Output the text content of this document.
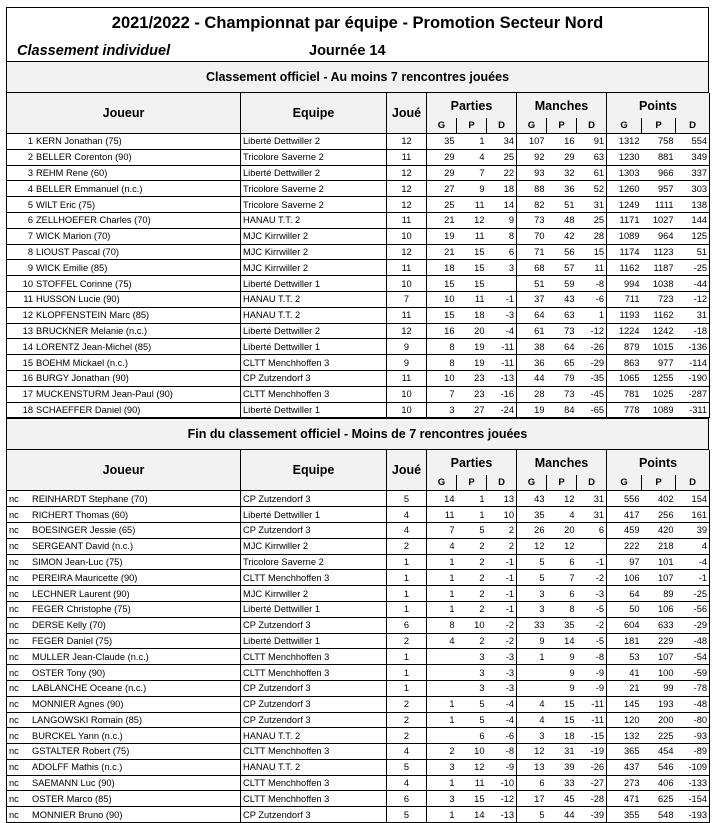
2021/2022 - Championnat par équipe - Promotion Secteur Nord
Classement individuel	Journée 14
Classement officiel - Au moins 7 rencontres jouées
Joueur	Equipe	Joué	Parties			Manches			Points		
			G	P	D	G	P	D	G	P	D
1 KERN Jonathan (75)	Liberté Dettwiller 2	12	35	1	34	107	16	91	1312	758	554
2 BELLER Corenton (90)	Tricolore Saverne 2	11	29	4	25	92	29	63	1230	881	349
3 REHM Rene (60)	Liberté Dettwiller 2	12	29	7	22	93	32	61	1303	966	337
4 BELLER Emmanuel (n.c.)	Tricolore Saverne 2	12	27	9	18	88	36	52	1260	957	303
5 WILT Eric (75)	Tricolore Saverne 2	12	25	11	14	82	51	31	1249	1111	138
6 ZELLHOEFER Charles (70)	HANAU T.T. 2	11	21	12	9	73	48	25	1171	1027	144
7 WICK Marion (70)	MJC Kirrwiller 2	10	19	11	8	70	42	28	1089	964	125
8 LIOUST Pascal (70)	MJC Kirrwiller 2	12	21	15	6	71	56	15	1174	1123	51
9 WICK Emilie (85)	MJC Kirrwiller 2	11	18	15	3	68	57	11	1162	1187	-25
10 STOFFEL Corinne (75)	Liberté Dettwiller 1	10	15	15		51	59	-8	994	1038	-44
11 HUSSON Lucie (90)	HANAU T.T. 2	7	10	11	-1	37	43	-6	711	723	-12
12 KLOPFENSTEIN Marc (85)	HANAU T.T. 2	11	15	18	-3	64	63	1	1193	1162	31
13 BRUCKNER Melanie (n.c.)	Liberté Dettwiller 2	12	16	20	-4	61	73	-12	1224	1242	-18
14 LORENTZ Jean-Michel (85)	Liberté Dettwiller 1	9	8	19	-11	38	64	-26	879	1015	-136
15 BOEHM Mickael (n.c.)	CLTT Menchhoffen 3	9	8	19	-11	36	65	-29	863	977	-114
16 BURGY Jonathan (90)	CP Zutzendorf 3	11	10	23	-13	44	79	-35	1065	1255	-190
17 MUCKENSTURM Jean-Paul (90)	CLTT Menchhoffen 3	10	7	23	-16	28	73	-45	781	1025	-287
18 SCHAEFFER Daniel (90)	Liberté Dettwiller 1	10	3	27	-24	19	84	-65	778	1089	-311
Fin du classement officiel - Moins de 7 rencontres jouées
Joueur	Equipe	Joué	Parties			Manches			Points		
			G	P	D	G	P	D	G	P	D
nc REINHARDT Stephane (70)	CP Zutzendorf 3	5	14	1	13	43	12	31	556	402	154
nc RICHERT Thomas (60)	Liberté Dettwiller 1	4	11	1	10	35	4	31	417	256	161
nc BOESINGER Jessie (65)	CP Zutzendorf 3	4	7	5	2	26	20	6	459	420	39
nc SERGEANT David (n.c.)	MJC Kirrwiller 2	2	4	2	2	12	12		222	218	4
nc SIMON Jean-Luc (75)	Tricolore Saverne 2	1	1	2	-1	5	6	-1	97	101	-4
nc PEREIRA Mauricette (90)	CLTT Menchhoffen 3	1	1	2	-1	5	7	-2	106	107	-1
nc LECHNER Laurent (90)	MJC Kirrwiller 2	1	1	2	-1	3	6	-3	64	89	-25
nc FEGER Christophe (75)	Liberté Dettwiller 1	1	1	2	-1	3	8	-5	50	106	-56
nc DERSE Kelly (70)	CP Zutzendorf 3	6	8	10	-2	33	35	-2	604	633	-29
nc FEGER Daniel (75)	Liberté Dettwiller 1	2	4	2	-2	9	14	-5	181	229	-48
nc MULLER Jean-Claude (n.c.)	CLTT Menchhoffen 3	1		3	-3	1	9	-8	53	107	-54
nc OSTER Tony (90)	CLTT Menchhoffen 3	1		3	-3		9	-9	41	100	-59
nc LABLANCHE Oceane (n.c.)	CP Zutzendorf 3	1		3	-3		9	-9	21	99	-78
nc MONNIER Agnes (90)	CP Zutzendorf 3	2	1	5	-4	4	15	-11	145	193	-48
nc LANGOWSKI Romain (85)	CP Zutzendorf 3	2	1	5	-4	4	15	-11	120	200	-80
nc BURCKEL Yann (n.c.)	HANAU T.T. 2	2		6	-6	3	18	-15	132	225	-93
nc GSTALTER Robert (75)	CLTT Menchhoffen 3	4	2	10	-8	12	31	-19	365	454	-89
nc ADOLFF Mathis (n.c.)	HANAU T.T. 2	5	3	12	-9	13	39	-26	437	546	-109
nc SAEMANN Luc (90)	CLTT Menchhoffen 3	4	1	11	-10	6	33	-27	273	406	-133
nc OSTER Marco (85)	CLTT Menchhoffen 3	6	3	15	-12	17	45	-28	471	625	-154
nc MONNIER Bruno (90)	CP Zutzendorf 3	5	1	14	-13	5	44	-39	355	548	-193
